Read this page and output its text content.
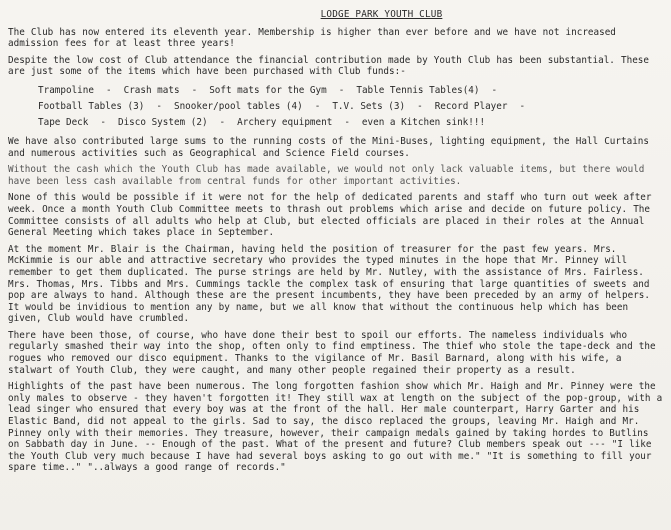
LODGE PARK YOUTH CLUB

The Club has now entered its eleventh year. Membership is higher than ever before and we have not increased admission fees for at least three years!

Despite the low cost of Club attendance the financial contribution made by Youth Club has been substantial. These are just some of the items which have been purchased with Club funds:-

Trampoline - Crash mats - Soft mats for the Gym - Table Tennis Tables(4) -
Football Tables (3) - Snooker/pool tables (4) - T.V. Sets (3) - Record Player -
Tape Deck - Disco System (2) - Archery equipment - even a Kitchen sink!!!

We have also contributed large sums to the running costs of the Mini-Buses, lighting equipment, the Hall Curtains and numerous activities such as Geographical and Science Field courses.

Without the cash which the Youth Club has made available, we would not only lack valuable items, but there would have been less cash available from central funds for other important activities.

None of this would be possible if it were not for the help of dedicated parents and staff who turn out week after week. Once a month Youth Club Committee meets to thrash out problems which arise and decide on future policy. The Committee consists of all adults who help at Club, but elected officials are placed in their roles at the Annual General Meeting which takes place in September.

At the moment Mr. Blair is the Chairman, having held the position of treasurer for the past few years. Mrs. McKimmie is our able and attractive secretary who provides the typed minutes in the hope that Mr. Pinney will remember to get them duplicated. The purse strings are held by Mr. Nutley, with the assistance of Mrs. Fairless. Mrs. Thomas, Mrs. Tibbs and Mrs. Cummings tackle the complex task of ensuring that large quantities of sweets and pop are always to hand. Although these are the present incumbents, they have been preceded by an army of helpers. It would be invidious to mention any by name, but we all know that without the continuous help which has been given, Club would have crumbled.

There have been those, of course, who have done their best to spoil our efforts. The nameless individuals who regularly smashed their way into the shop, often only to find emptiness. The thief who stole the tape-deck and the rogues who removed our disco equipment. Thanks to the vigilance of Mr. Basil Barnard, along with his wife, a stalwart of Youth Club, they were caught, and many other people regained their property as a result.

Highlights of the past have been numerous. The long forgotten fashion show which Mr. Haigh and Mr. Pinney were the only males to observe - they haven't forgotten it! They still wax at length on the subject of the pop-group, with a lead singer who ensured that every boy was at the front of the hall. Her male counterpart, Harry Garter and his Elastic Band, did not appeal to the girls. Sad to say, the disco replaced the groups, leaving Mr. Haigh and Mr. Pinney only with their memories. They treasure, however, their campaign medals gained by taking hordes to Butlins on Sabbath day in June. -- Enough of the past. What of the present and future? Club members speak out --- "I like the Youth Club very much because I have had several boys asking to go out with me." "It is something to fill your spare time.." "..always a good range of records."
